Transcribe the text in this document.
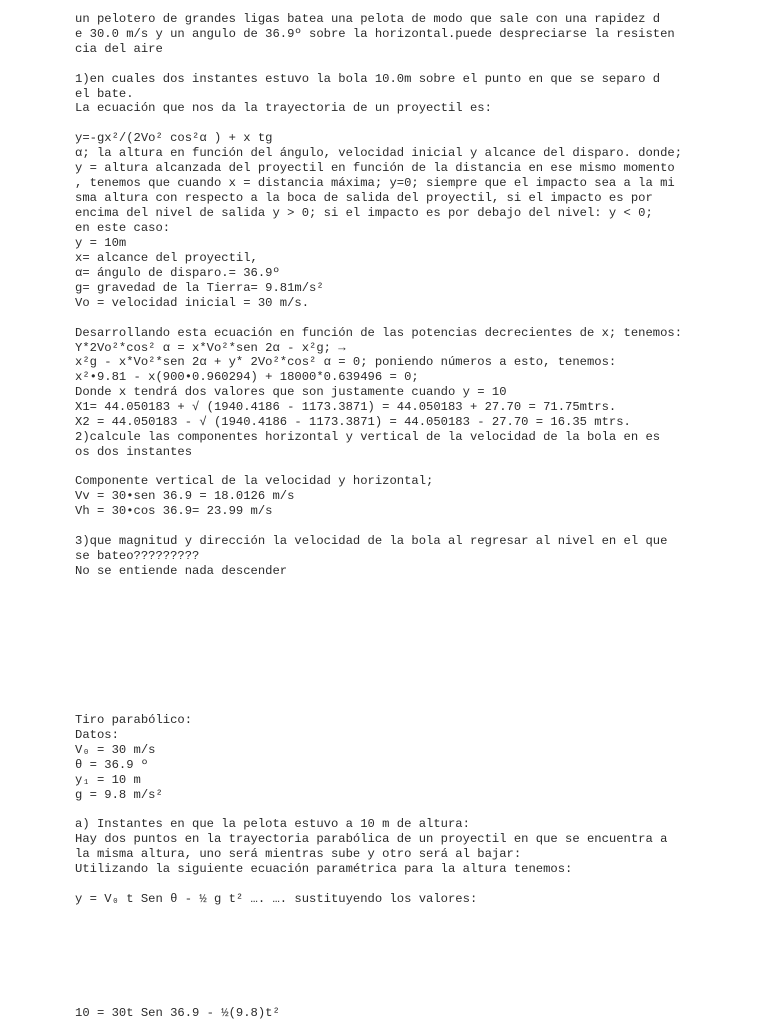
un pelotero de grandes ligas batea una pelota de modo que sale con una rapidez d

e 30.0 m/s y un angulo de 36.9º sobre la horizontal.puede despreciarse la resisten

cia del aire

1)en cuales dos instantes estuvo la bola 10.0m sobre el punto en que se separo d

el bate.

La ecuación que nos da la trayectoria de un proyectil es:

y=-gx²/(2Vo² cos²α ) + x tg

α; la altura en función del ángulo, velocidad inicial y alcance del disparo. donde;

y = altura alcanzada del proyectil en función de la distancia en ese mismo momento

, tenemos que cuando x = distancia máxima; y=0; siempre que el impacto sea a la mi

sma altura con respecto a la boca de salida del proyectil, si el impacto es por

encima del nivel de salida y > 0; si el impacto es por debajo del nivel: y < 0;

en este caso:

y = 10m

x= alcance del proyectil,

α= ángulo de disparo.= 36.9º

g= gravedad de la Tierra= 9.81m/s²

Vo = velocidad inicial = 30 m/s.

Desarrollando esta ecuación en función de las potencias decrecientes de x; tenemos:

Y*2Vo²*cos² α = x*Vo²*sen 2α - x²g; →

x²g - x*Vo²*sen 2α + y* 2Vo²*cos² α = 0; poniendo números a esto, tenemos:

x²•9.81 - x(900•0.960294) + 18000*0.639496 = 0;

Donde x tendrá dos valores que son justamente cuando y = 10

X1= 44.050183 + √ (1940.4186 - 1173.3871) = 44.050183 + 27.70 = 71.75mtrs.

X2 = 44.050183 - √ (1940.4186 - 1173.3871) = 44.050183 - 27.70 = 16.35 mtrs.

2)calcule las componentes horizontal y vertical de la velocidad de la bola en es

os dos instantes

Componente vertical de la velocidad y horizontal;

Vv = 30•sen 36.9 = 18.0126 m/s

Vh = 30•cos 36.9= 23.99 m/s

3)que magnitud y dirección la velocidad de la bola al regresar al nivel en el que

se bateo?????????

No se entiende nada descender

Tiro parabólico:

Datos:

V₀ = 30 m/s

θ = 36.9 º

y₁ = 10 m

g = 9.8 m/s²

a) Instantes en que la pelota estuvo a 10 m de altura:

Hay dos puntos en la trayectoria parabólica de un proyectil en que se encuentra a

la misma altura, uno será mientras sube y otro será al bajar:

Utilizando la siguiente ecuación paramétrica para la altura tenemos:

y = V₀ t Sen θ - ½ g t² …. …. sustituyendo los valores:

10 = 30t Sen 36.9 - ½(9.8)t²
